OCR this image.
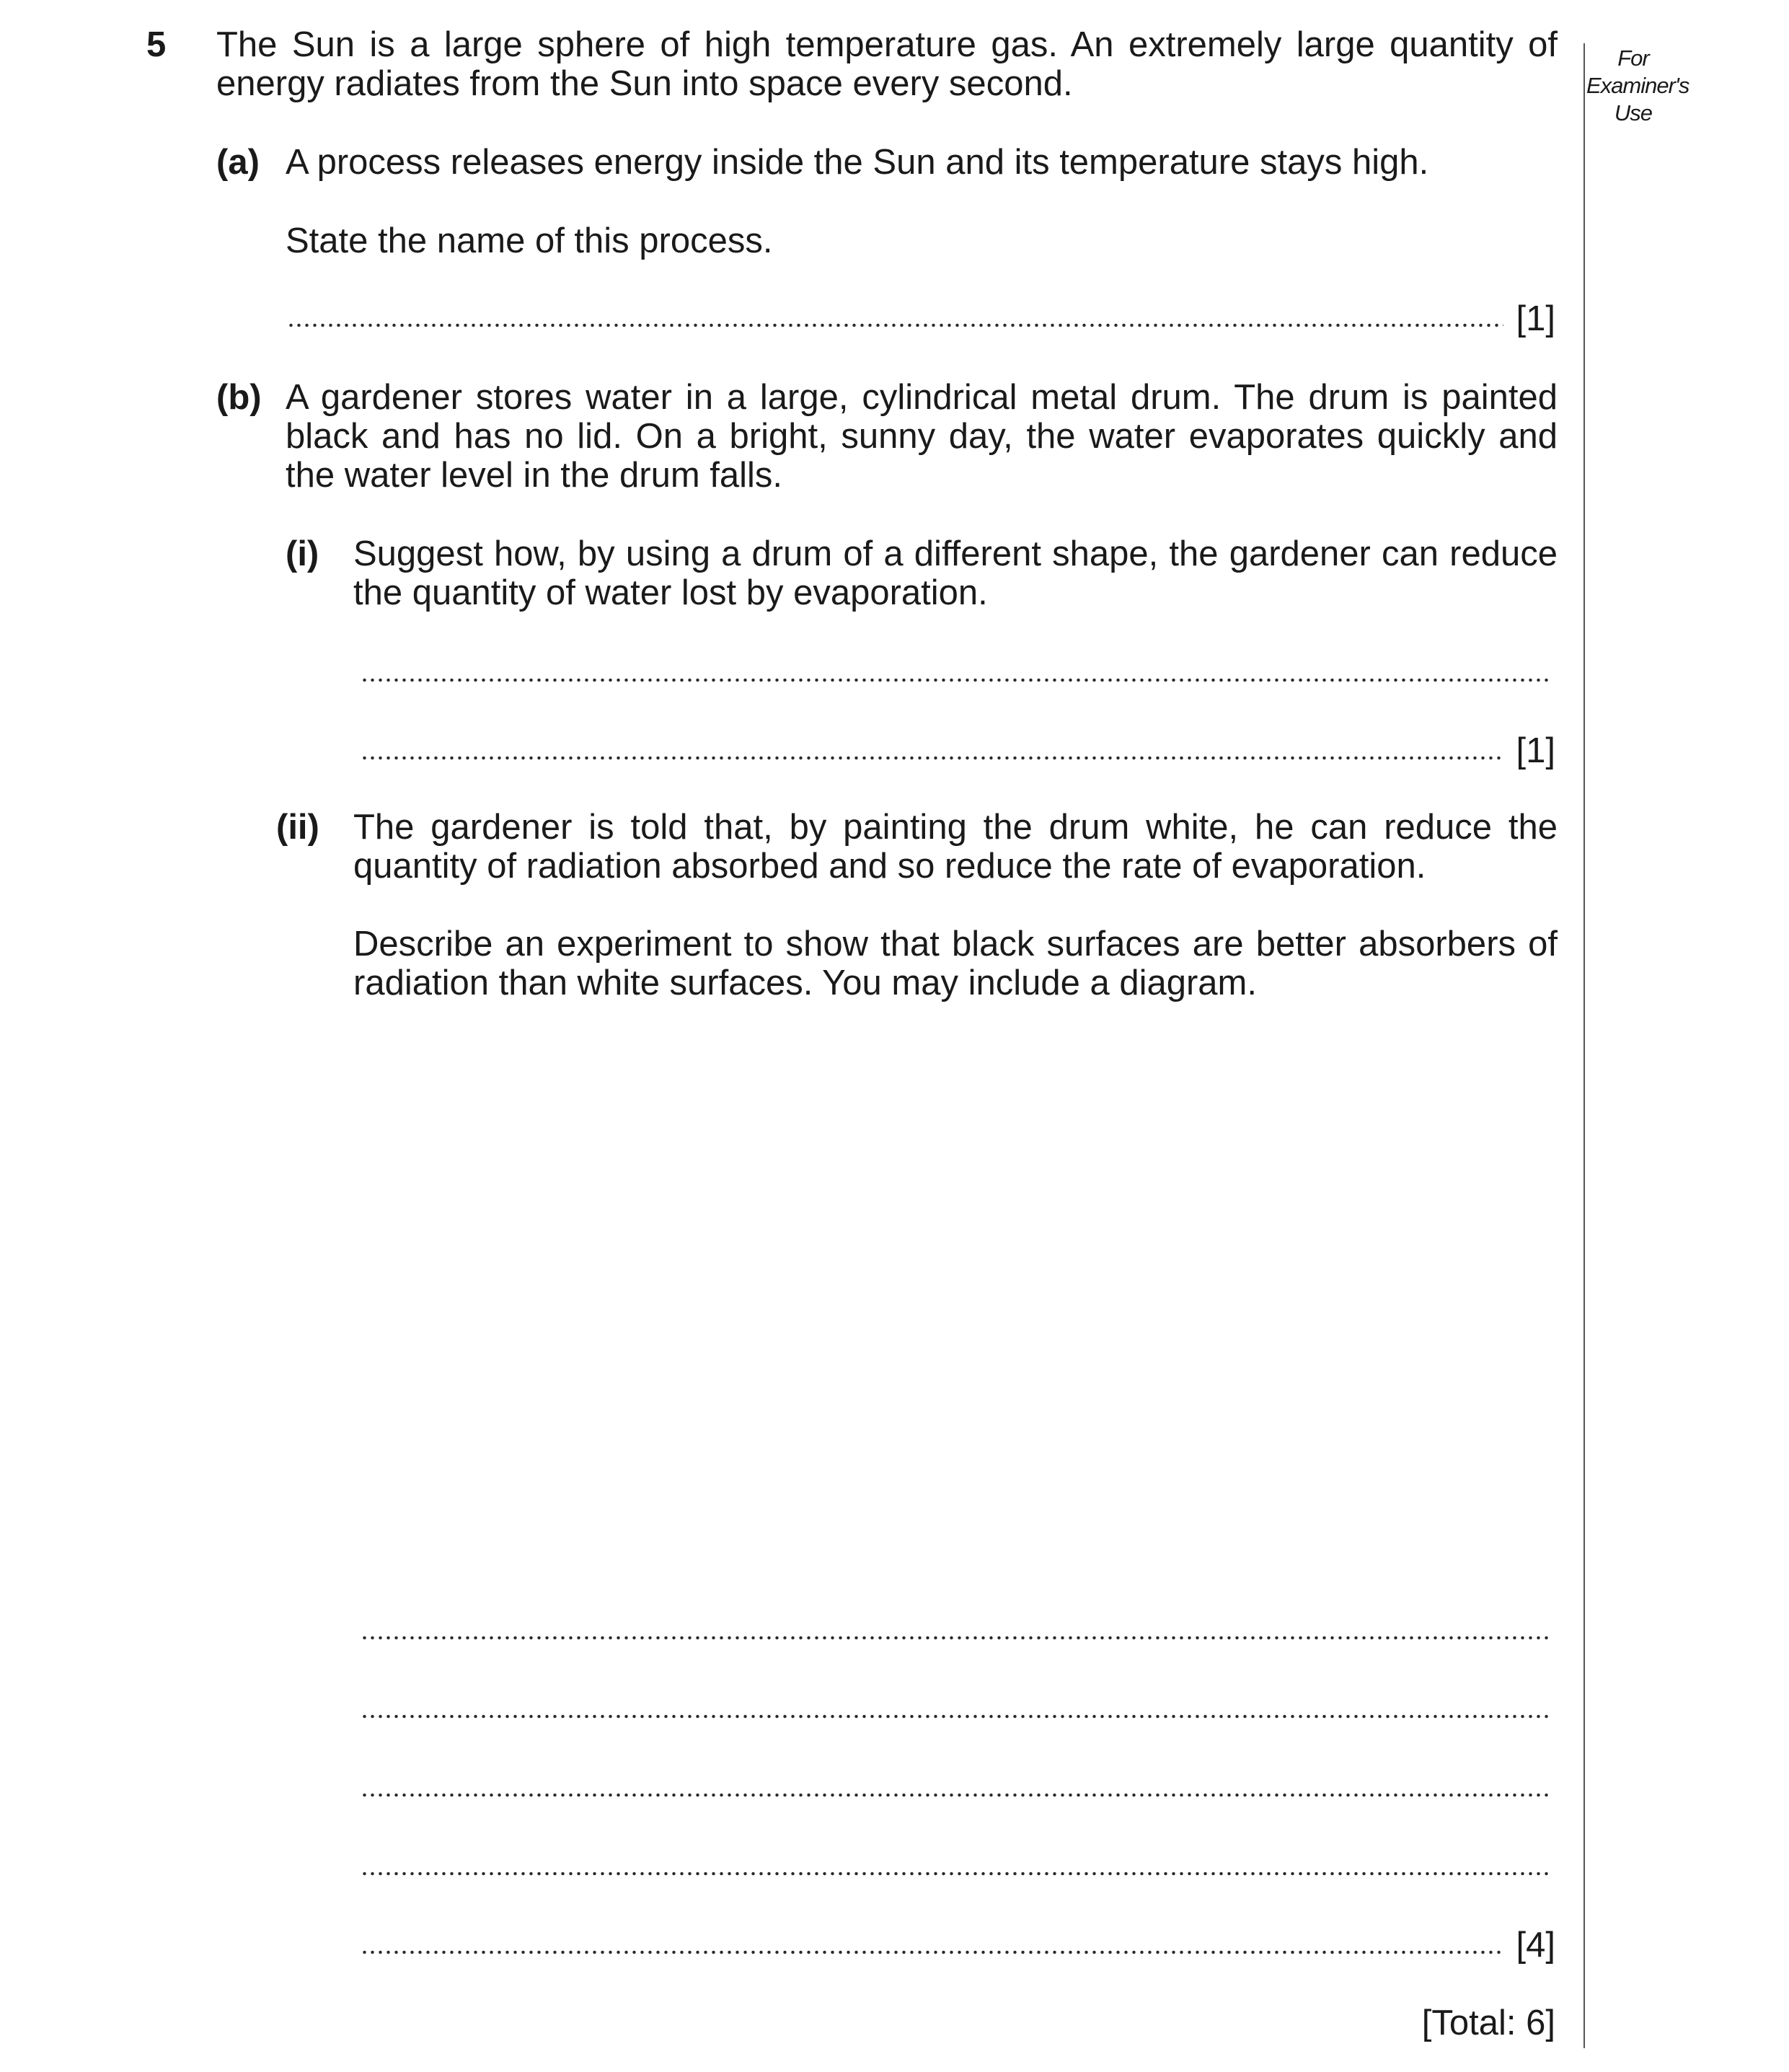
5 The Sun is a large sphere of high temperature gas. An extremely large quantity of energy radiates from the Sun into space every second.
(a) A process releases energy inside the Sun and its temperature stays high.
State the name of this process.
[1]
(b) A gardener stores water in a large, cylindrical metal drum. The drum is painted black and has no lid. On a bright, sunny day, the water evaporates quickly and the water level in the drum falls.
(i) Suggest how, by using a drum of a different shape, the gardener can reduce the quantity of water lost by evaporation.
[1]
(ii) The gardener is told that, by painting the drum white, he can reduce the quantity of radiation absorbed and so reduce the rate of evaporation.
Describe an experiment to show that black surfaces are better absorbers of radiation than white surfaces. You may include a diagram.
[4]
[Total: 6]
For
Examiner's
Use
